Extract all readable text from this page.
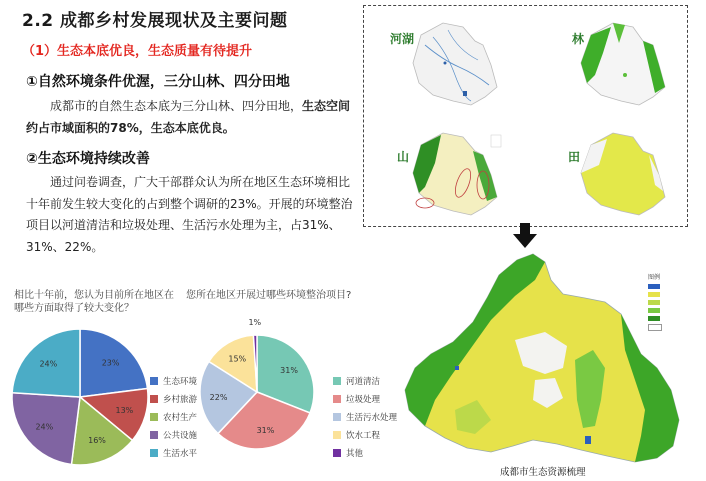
2.2 成都乡村发展现状及主要问题
（1）生态本底优良，生态质量有待提升
①自然环境条件优渥，三分山林、四分田地
成都市的自然生态本底为三分山林、四分田地，生态空间约占市域面积的78%，生态本底优良。
②生态环境持续改善
通过问卷调查，广大干部群众认为所在地区生态环境相比十年前发生较大变化的占到整个调研的23%。开展的环境整治项目以河道清洁和垃圾处理、生活污水处理为主，占31%、31%、22%。
相比十年前，您认为目前所在地区在哪些方面取得了较大变化？
您所在地区开展过哪些环境整治项目?
23%
13%
16%
24%
24%
31%
31%
22%
15%
1%
生态环境
乡村旅游
农村生产
公共设施
生活水平
河道清洁
垃圾处理
生活污水处理
饮水工程
其他
河湖	林
山	田
图例
成都市生态资源梳理
